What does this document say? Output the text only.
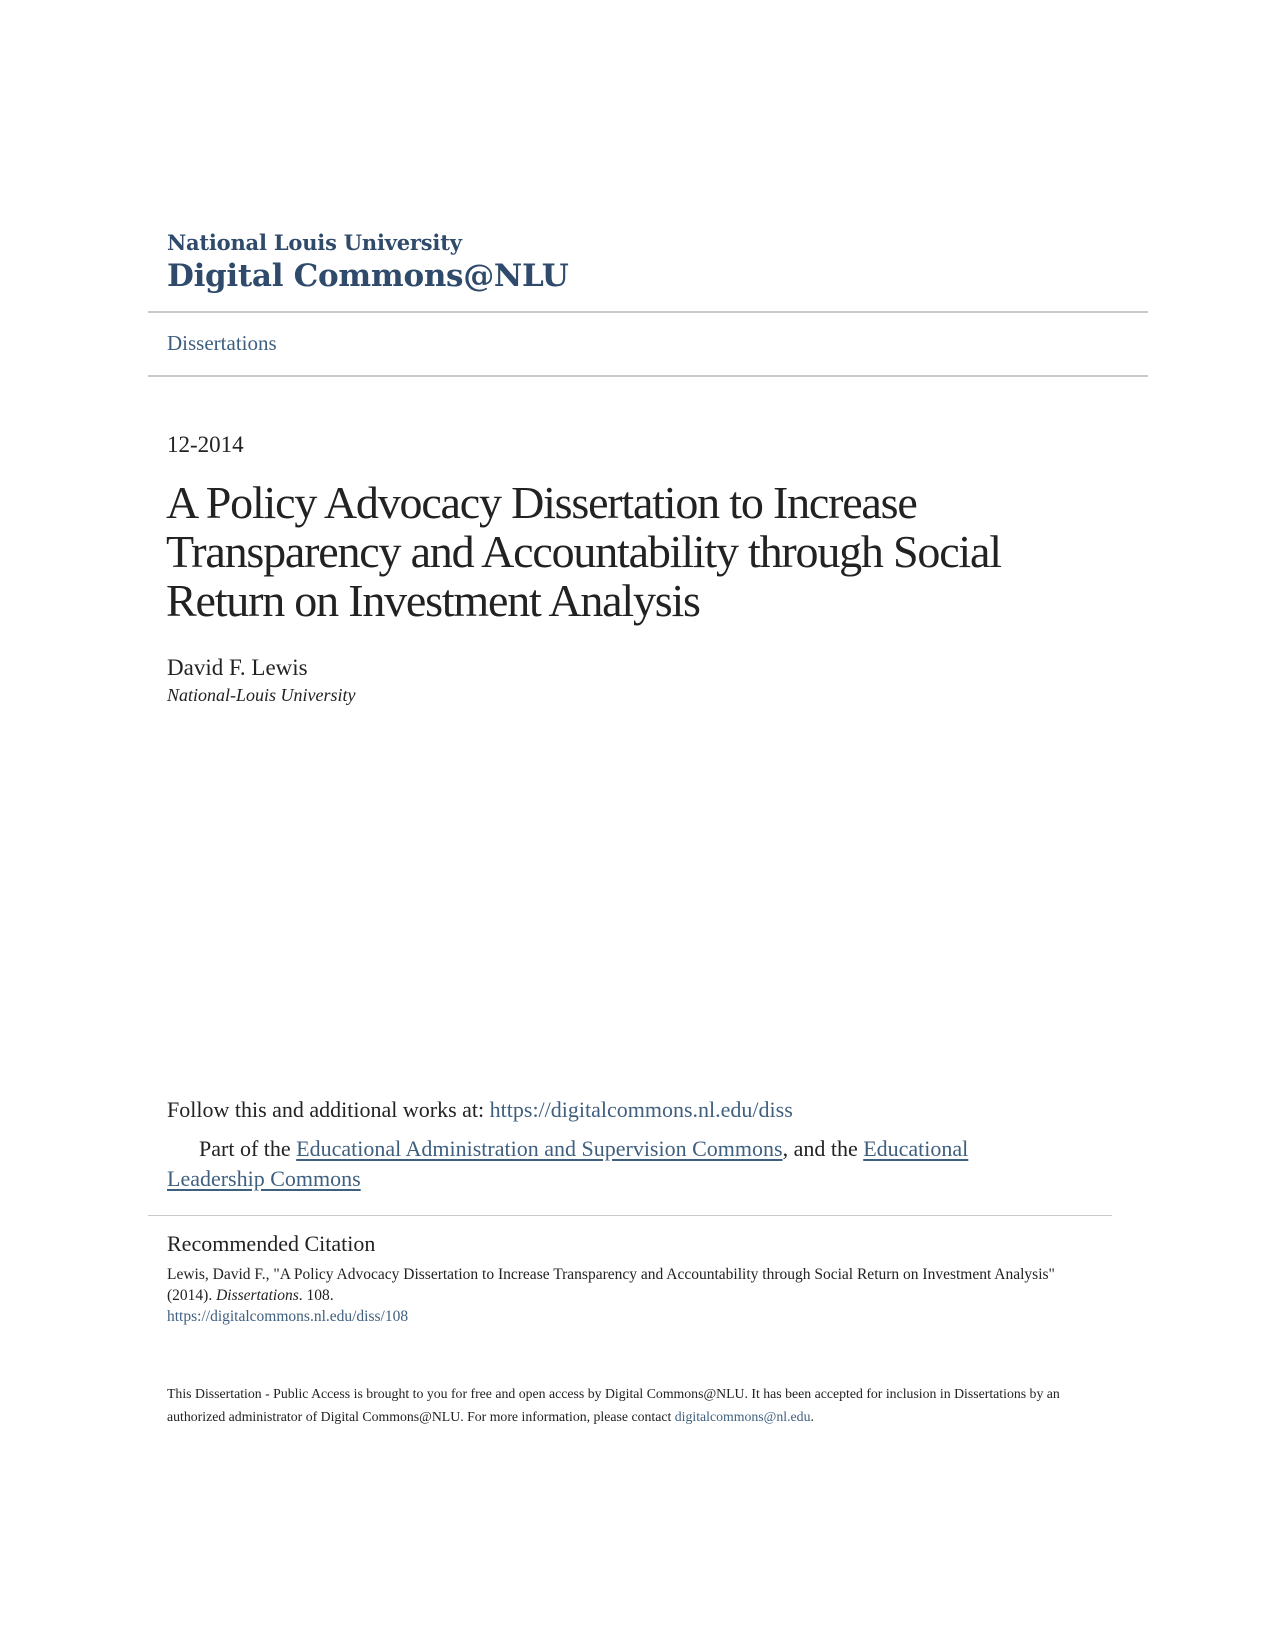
National Louis University
Digital Commons@NLU
Dissertations
12-2014
A Policy Advocacy Dissertation to Increase Transparency and Accountability through Social Return on Investment Analysis
David F. Lewis
National-Louis University
Follow this and additional works at: https://digitalcommons.nl.edu/diss
Part of the Educational Administration and Supervision Commons, and the Educational Leadership Commons
Recommended Citation
Lewis, David F., "A Policy Advocacy Dissertation to Increase Transparency and Accountability through Social Return on Investment Analysis" (2014). Dissertations. 108.
https://digitalcommons.nl.edu/diss/108
This Dissertation - Public Access is brought to you for free and open access by Digital Commons@NLU. It has been accepted for inclusion in Dissertations by an authorized administrator of Digital Commons@NLU. For more information, please contact digitalcommons@nl.edu.
